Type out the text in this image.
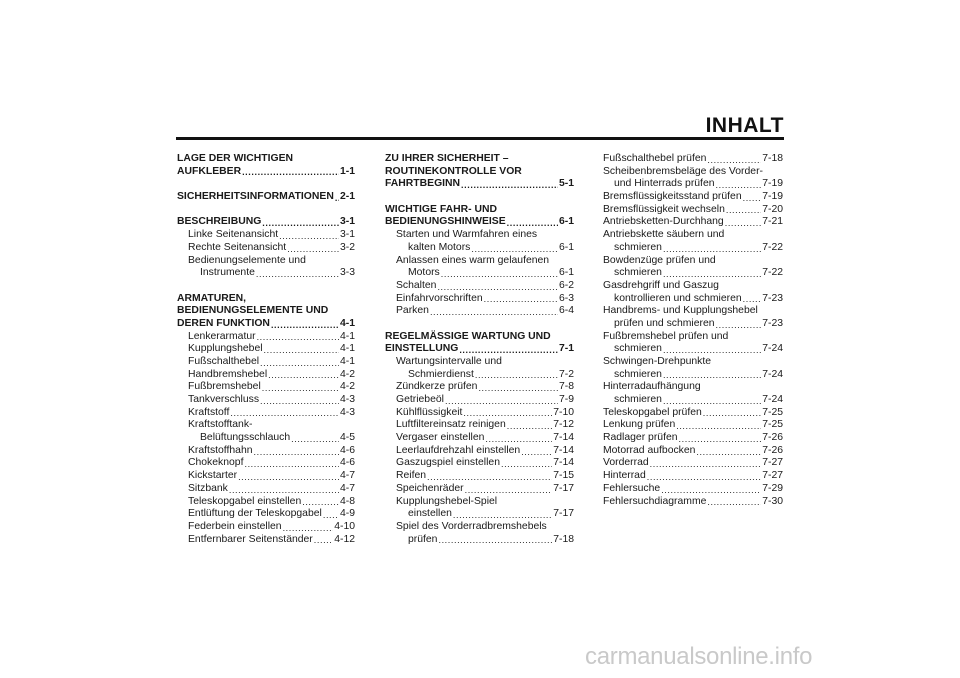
INHALT
LAGE DER WICHTIGEN
AUFKLEBER .....	1-1
SICHERHEITSINFORMATIONEN ..... 2-1
BESCHREIBUNG .....	3-1
Linke Seitenansicht .....	3-1
Rechte Seitenansicht .....	3-2
Bedienungselemente und
Instrumente .....	3-3
ARMATUREN,
BEDIENUNGSELEMENTE UND
DEREN FUNKTION .....	4-1
Lenkerarmatur .....	4-1
Kupplungshebel .....	4-1
Fußschalthebel .....	4-1
Handbremshebel .....	4-2
Fußbremshebel .....	4-2
Tankverschluss .....	4-3
Kraftstoff .....	4-3
Kraftstofftank-
Belüftungsschlauch .....	4-5
Kraftstoffhahn .....	4-6
Chokeknopf .....	4-6
Kickstarter .....	4-7
Sitzbank .....	4-7
Teleskopgabel einstellen .....	4-8
Entlüftung der Teleskopgabel ..... 4-9
Federbein einstellen .....	4-10
Entfernbarer Seitenständer ..... 4-12
ZU IHRER SICHERHEIT –
ROUTINEKONTROLLE VOR
FAHRTBEGINN .....	5-1
WICHTIGE FAHR- UND
BEDIENUNGSHINWEISE .....	6-1
Starten und Warmfahren eines
kalten Motors .....	6-1
Anlassen eines warm gelaufenen
Motors .....	6-1
Schalten .....	6-2
Einfahrvorschriften .....	6-3
Parken .....	6-4
REGELMÄSSIGE WARTUNG UND
EINSTELLUNG .....	7-1
Wartungsintervalle und
Schmierdienst .....	7-2
Zündkerze prüfen .....	7-8
Getriebeöl .....	7-9
Kühlflüssigkeit .....	7-10
Luftfiltereinsatz reinigen .....	7-12
Vergaser einstellen .....	7-14
Leerlaufdrehzahl einstellen .....	7-14
Gaszugspiel einstellen .....	7-14
Reifen .....	7-15
Speichenräder .....	7-17
Kupplungshebel-Spiel
einstellen .....	7-17
Spiel des Vorderradbremshebels
prüfen .....	7-18
Fußschalthebel prüfen .....	7-18
Scheibenbremsbeläge des Vorder-
und Hinterrads prüfen .....	7-19
Bremsflüssigkeitsstand prüfen ..... 7-19
Bremsflüssigkeit wechseln .....	7-20
Antriebsketten-Durchhang .....	7-21
Antriebskette säubern und
schmieren .....	7-22
Bowdenzüge prüfen und
schmieren .....	7-22
Gasdrehgriff und Gaszug
kontrollieren und schmieren ..... 7-23
Handbrems- und Kupplungshebel
prüfen und schmieren .....	7-23
Fußbremshebel prüfen und
schmieren .....	7-24
Schwingen-Drehpunkte
schmieren .....	7-24
Hinterradaufhängung
schmieren .....	7-24
Teleskopgabel prüfen .....	7-25
Lenkung prüfen .....	7-25
Radlager prüfen .....	7-26
Motorrad aufbocken .....	7-26
Vorderrad .....	7-27
Hinterrad .....	7-27
Fehlersuche .....	7-29
Fehlersuchdiagramme .....	7-30
carmanualsonline.info
